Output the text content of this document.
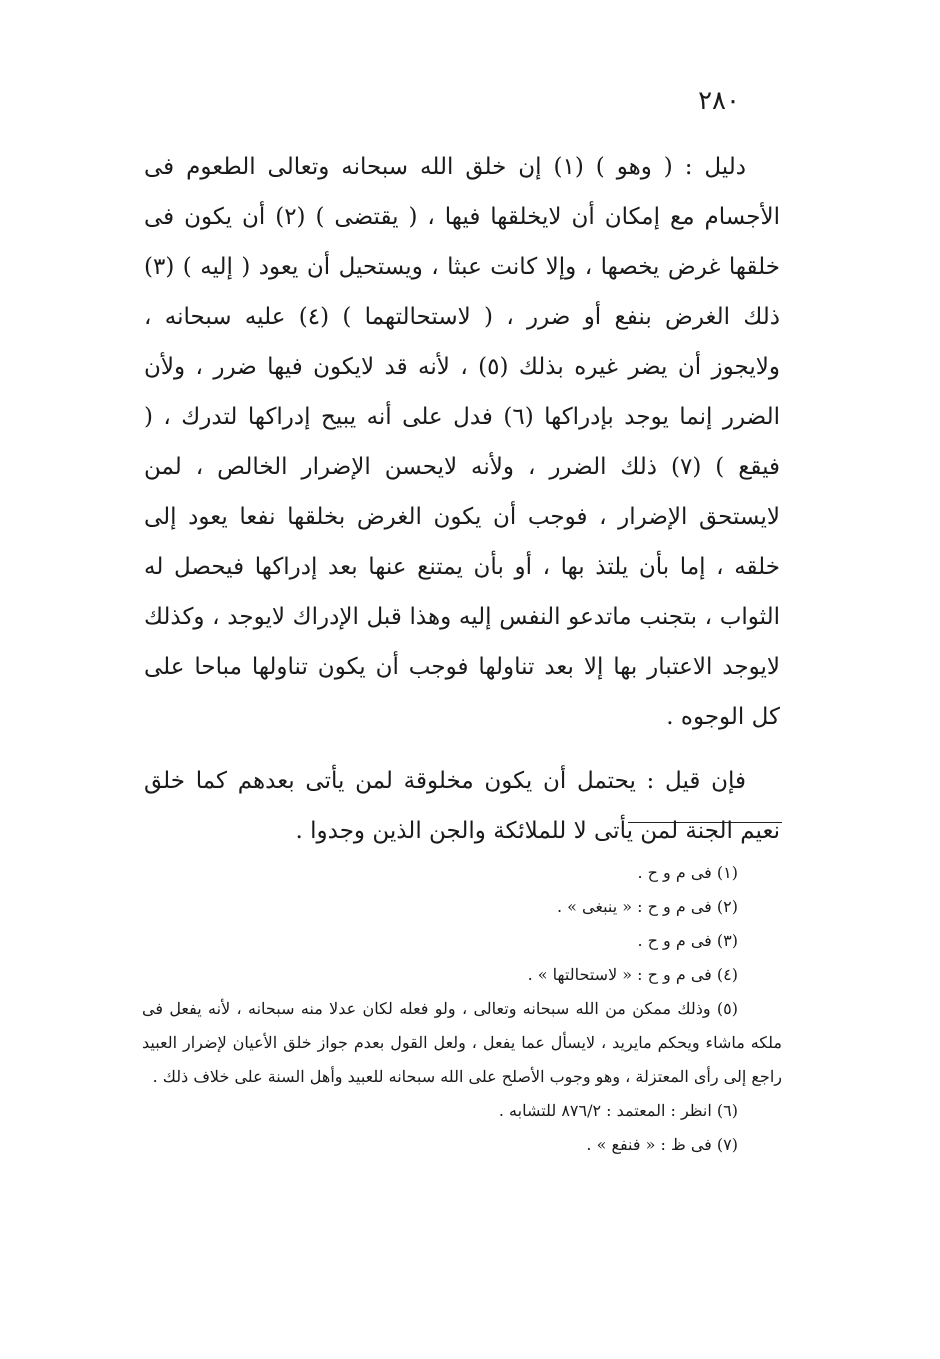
٢٨٠

دليل : ( وهو ) (١) إن خلق الله سبحانه وتعالى الطعوم فى الأجسام مع إمكان أن لايخلقها فيها ، ( يقتضى ) (٢) أن يكون فى خلقها غرض يخصها ، وإلا كانت عبثا ، ويستحيل أن يعود ( إليه ) (٣) ذلك الغرض بنفع أو ضرر ، ( لاستحالتهما ) (٤) عليه سبحانه ، ولايجوز أن يضر غيره بذلك (٥) ، لأنه قد لايكون فيها ضرر ، ولأن الضرر إنما يوجد بإدراكها (٦) فدل على أنه يبيح إدراكها لتدرك ، ( فيقع ) (٧) ذلك الضرر ، ولأنه لايحسن الإضرار الخالص ، لمن لايستحق الإضرار ، فوجب أن يكون الغرض بخلقها نفعا يعود إلى خلقه ، إما بأن يلتذ بها ، أو بأن يمتنع عنها بعد إدراكها فيحصل له الثواب ، بتجنب ماتدعو النفس إليه وهذا قبل الإدراك لايوجد ، وكذلك لايوجد الاعتبار بها إلا بعد تناولها فوجب أن يكون تناولها مباحا على كل الوجوه .

فإن قيل : يحتمل أن يكون مخلوقة لمن يأتى بعدهم كما خلق نعيم الجنة لمن يأتى لا للملائكة والجن الذين وجدوا .

(١) فى م و ح .

(٢) فى م و ح : « ينبغى » .

(٣) فى م و ح .

(٤) فى م و ح : « لاستحالتها » .

(٥) وذلك ممكن من الله سبحانه وتعالى ، ولو فعله لكان عدلا منه سبحانه ، لأنه يفعل فى ملكه ماشاء ويحكم مايريد ، لايسأل عما يفعل ، ولعل القول بعدم جواز خلق الأعيان لإضرار العبيد راجع إلى رأى المعتزلة ، وهو وجوب الأصلح على الله سبحانه للعبيد وأهل السنة على خلاف ذلك .

(٦) انظر : المعتمد : ٨٧٦/٢ للتشابه .

(٧) فى ظ : « فنفع » .
